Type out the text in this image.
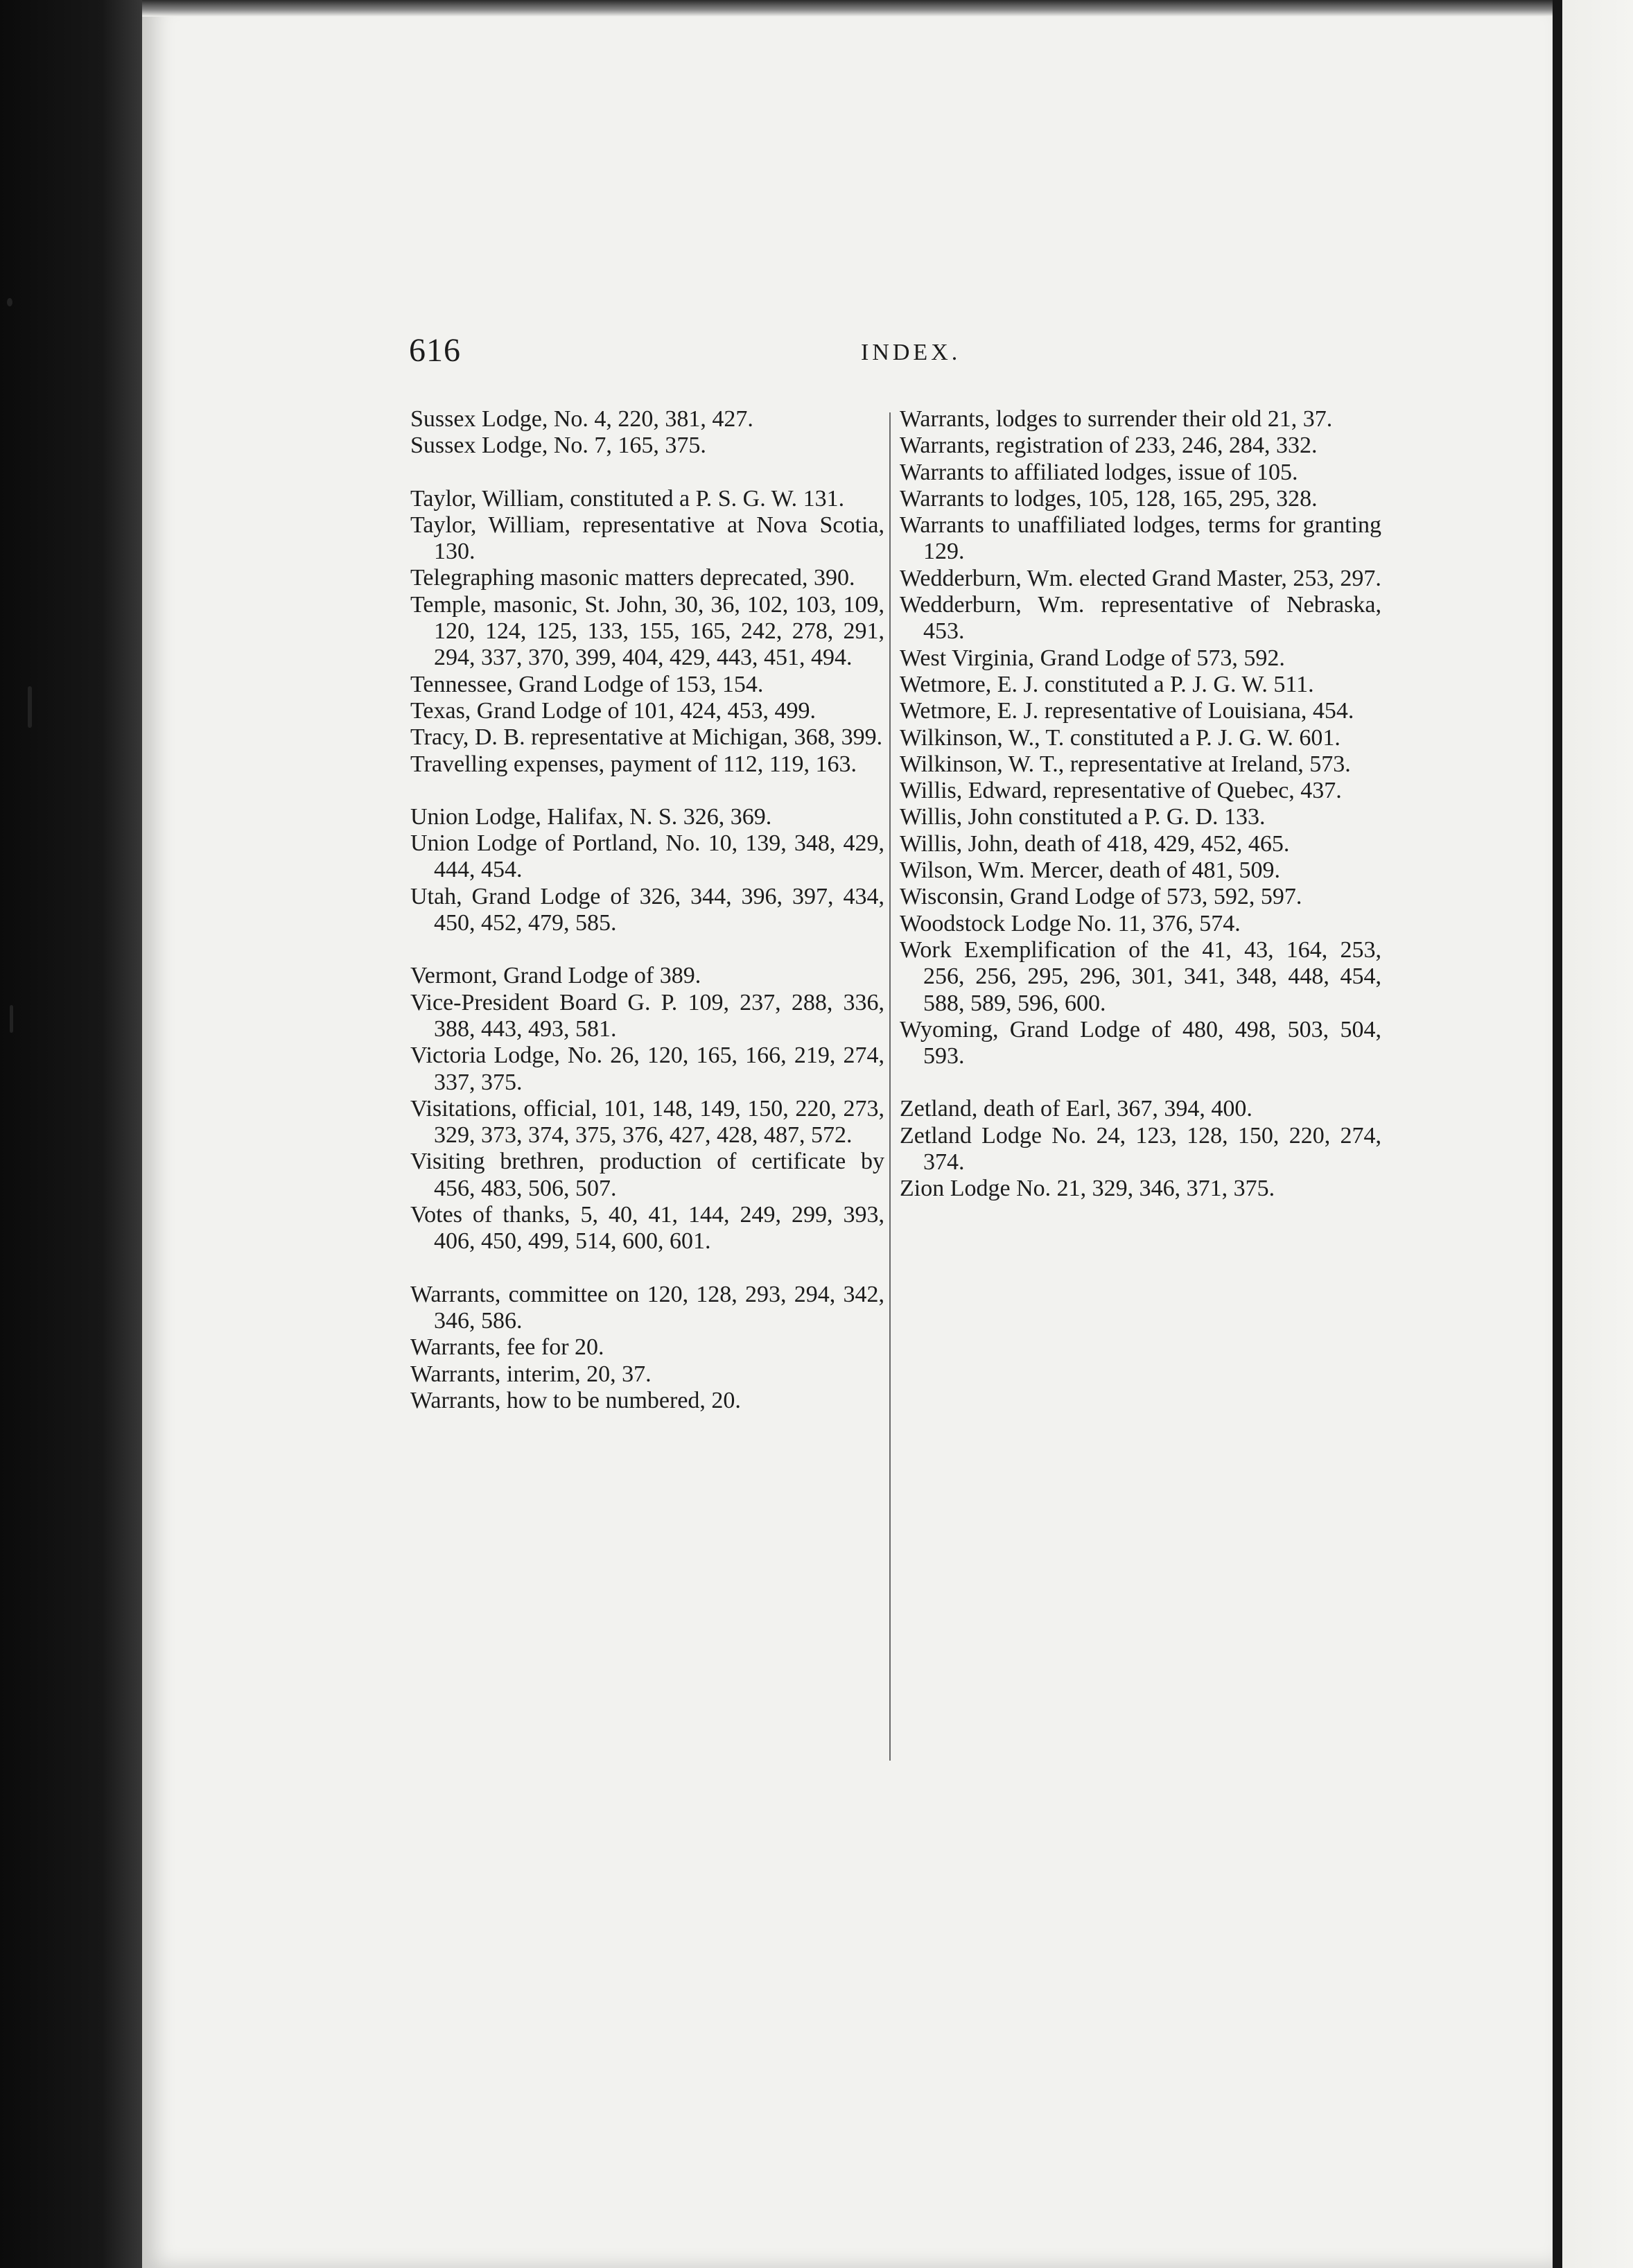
616	INDEX.
Sussex Lodge, No. 4, 220, 381, 427.
Sussex Lodge, No. 7, 165, 375.
Taylor, William, constituted a P. S. G. W. 131.
Taylor, William, representative at Nova Scotia, 130.
Telegraphing masonic matters deprecated, 390.
Temple, masonic, St. John, 30, 36, 102, 103, 109, 120, 124, 125, 133, 155, 165, 242, 278, 291, 294, 337, 370, 399, 404, 429, 443, 451, 494.
Tennessee, Grand Lodge of 153, 154.
Texas, Grand Lodge of 101, 424, 453, 499.
Tracy, D. B. representative at Michigan, 368, 399.
Travelling expenses, payment of 112, 119, 163.
Union Lodge, Halifax, N. S. 326, 369.
Union Lodge of Portland, No. 10, 139, 348, 429, 444, 454.
Utah, Grand Lodge of 326, 344, 396, 397, 434, 450, 452, 479, 585.
Vermont, Grand Lodge of 389.
Vice-President Board G. P. 109, 237, 288, 336, 388, 443, 493, 581.
Victoria Lodge, No. 26, 120, 165, 166, 219, 274, 337, 375.
Visitations, official, 101, 148, 149, 150, 220, 273, 329, 373, 374, 375, 376, 427, 428, 487, 572.
Visiting brethren, production of certificate by 456, 483, 506, 507.
Votes of thanks, 5, 40, 41, 144, 249, 299, 393, 406, 450, 499, 514, 600, 601.
Warrants, committee on 120, 128, 293, 294, 342, 346, 586.
Warrants, fee for 20.
Warrants, interim, 20, 37.
Warrants, how to be numbered, 20.
Warrants, lodges to surrender their old 21, 37.
Warrants, registration of 233, 246, 284, 332.
Warrants to affiliated lodges, issue of 105.
Warrants to lodges, 105, 128, 165, 295, 328.
Warrants to unaffiliated lodges, terms for granting 129.
Wedderburn, Wm. elected Grand Master, 253, 297.
Wedderburn, Wm. representative of Nebraska, 453.
West Virginia, Grand Lodge of 573, 592.
Wetmore, E. J. constituted a P. J. G. W. 511.
Wetmore, E. J. representative of Louisiana, 454.
Wilkinson, W., T. constituted a P. J. G. W. 601.
Wilkinson, W. T., representative at Ireland, 573.
Willis, Edward, representative of Quebec, 437.
Willis, John constituted a P. G. D. 133.
Willis, John, death of 418, 429, 452, 465.
Wilson, Wm. Mercer, death of 481, 509.
Wisconsin, Grand Lodge of 573, 592, 597.
Woodstock Lodge No. 11, 376, 574.
Work Exemplification of the 41, 43, 164, 253, 256, 256, 295, 296, 301, 341, 348, 448, 454, 588, 589, 596, 600.
Wyoming, Grand Lodge of 480, 498, 503, 504, 593.
Zetland, death of Earl, 367, 394, 400.
Zetland Lodge No. 24, 123, 128, 150, 220, 274, 374.
Zion Lodge No. 21, 329, 346, 371, 375.
